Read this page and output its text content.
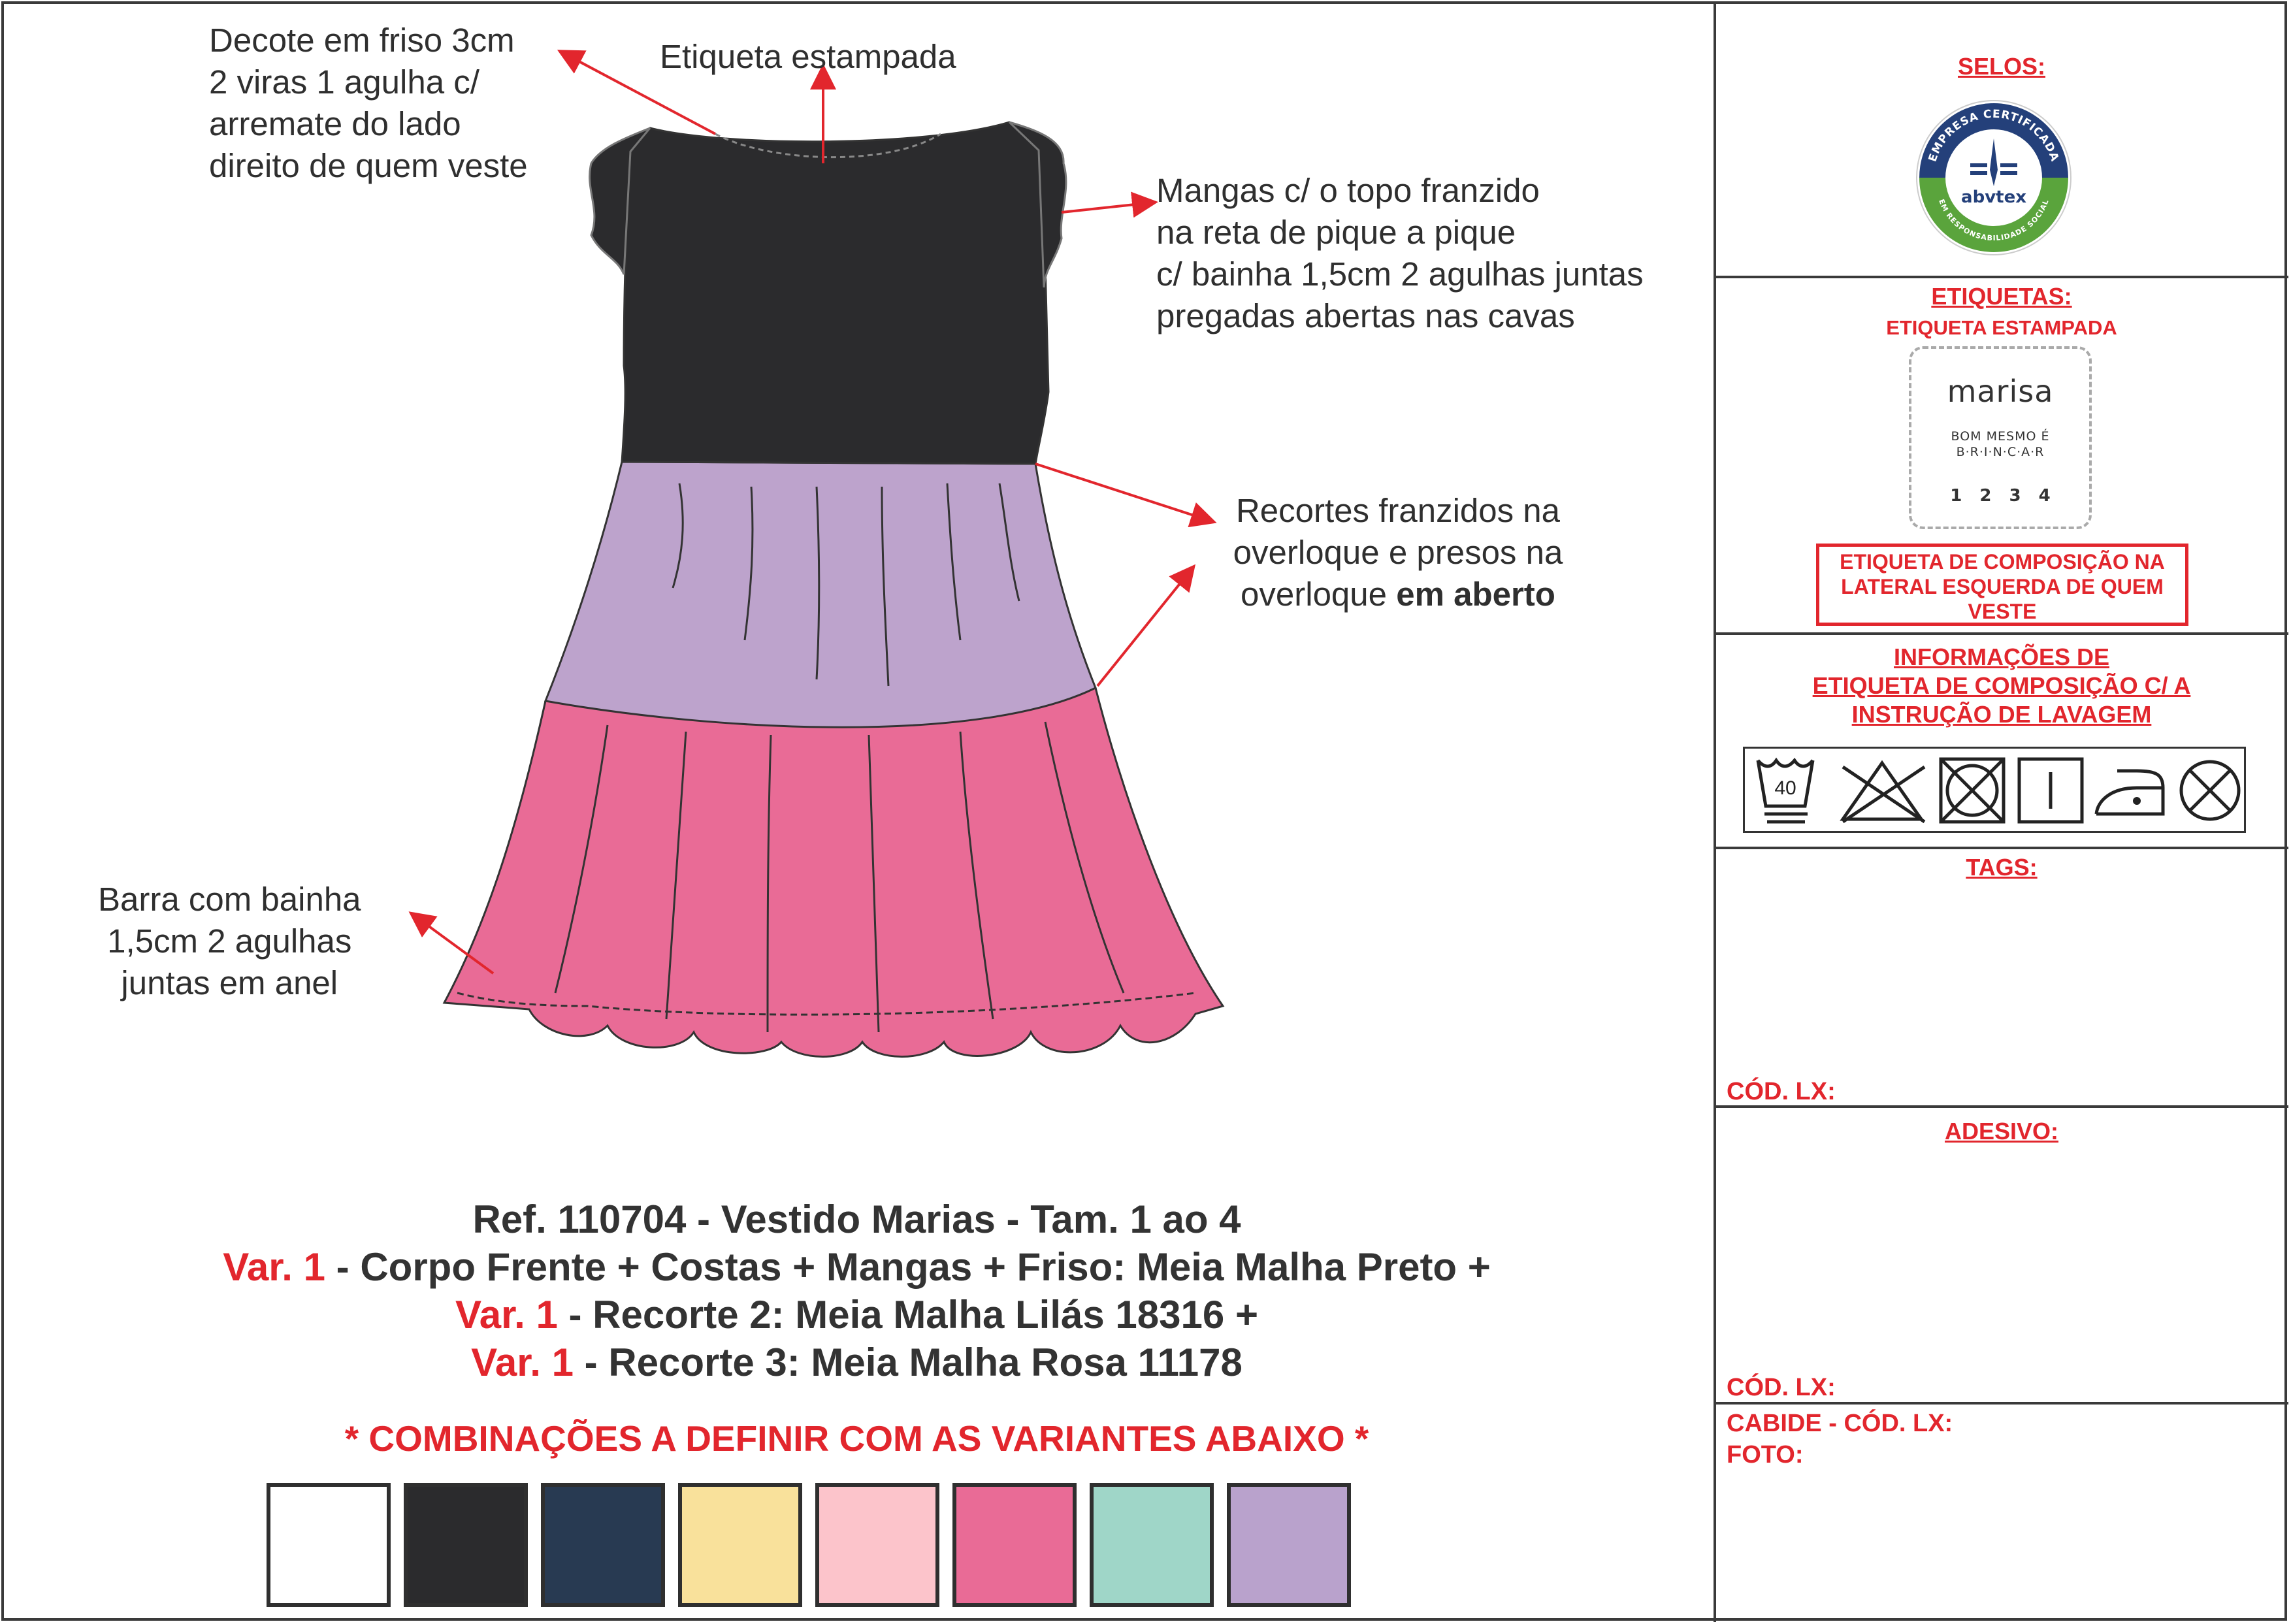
Decote em friso 3cm
2 viras 1 agulha c/
arremate do lado
direito de quem veste
Etiqueta estampada
Mangas c/ o topo franzido
na reta de pique a pique
c/ bainha 1,5cm 2 agulhas juntas
pregadas abertas nas cavas
Recortes franzidos na
overloque e presos na
overloque em aberto
Barra com bainha
1,5cm 2 agulhas
juntas em anel
Ref. 110704 - Vestido Marias - Tam. 1 ao 4
Var. 1 - Corpo Frente + Costas + Mangas + Friso: Meia Malha Preto +
Var. 1 - Recorte 2: Meia Malha Lilás 18316 +
Var. 1 - Recorte 3: Meia Malha Rosa 11178
* COMBINAÇÕES A DEFINIR COM AS VARIANTES ABAIXO *
SELOS:
EMPRESA CERTIFICADA
EM RESPONSABILIDADE SOCIAL
abvtex
ETIQUETAS:
ETIQUETA ESTAMPADA
marisa
BOM MESMO É
B·R·I·N·C·A·R
1 2 3 4
ETIQUETA DE COMPOSIÇÃO NA LATERAL ESQUERDA DE QUEM VESTE
INFORMAÇÕES DE
ETIQUETA DE COMPOSIÇÃO C/ A
INSTRUÇÃO DE LAVAGEM
40
TAGS:
CÓD. LX:
ADESIVO:
CÓD. LX:
CABIDE - CÓD. LX:
FOTO:
